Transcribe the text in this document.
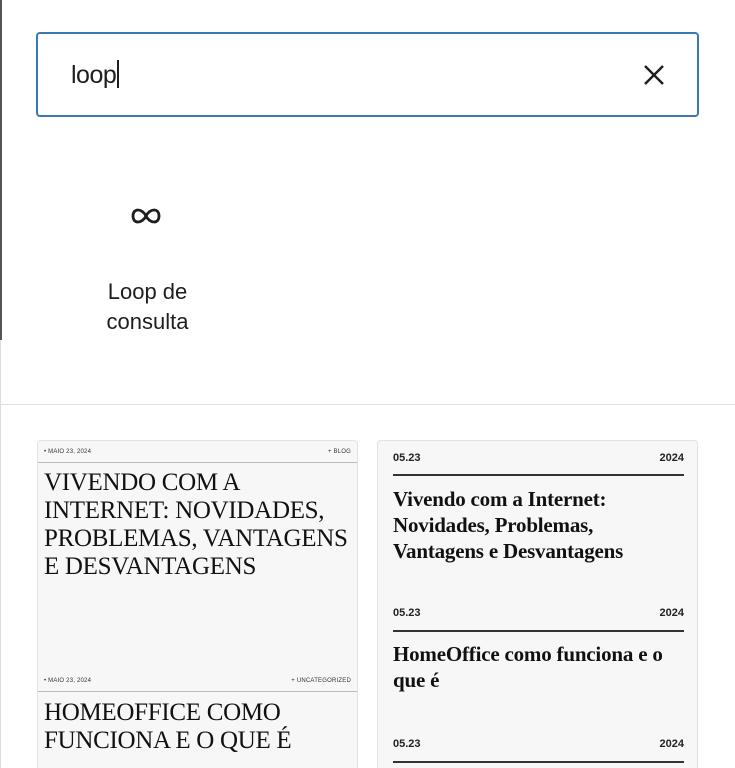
loop
Loop de consulta
• MAIO 23, 2024	+ BLOG
VIVENDO COM A INTERNET: NOVIDADES, PROBLEMAS, VANTAGENS E DESVANTAGENS
• MAIO 23, 2024	+ UNCATEGORIZED
HOMEOFFICE COMO FUNCIONA E O QUE É
05.23	2024
Vivendo com a Internet: Novidades, Problemas, Vantagens e Desvantagens
05.23	2024
HomeOffice como funciona e o que é
05.23	2024
